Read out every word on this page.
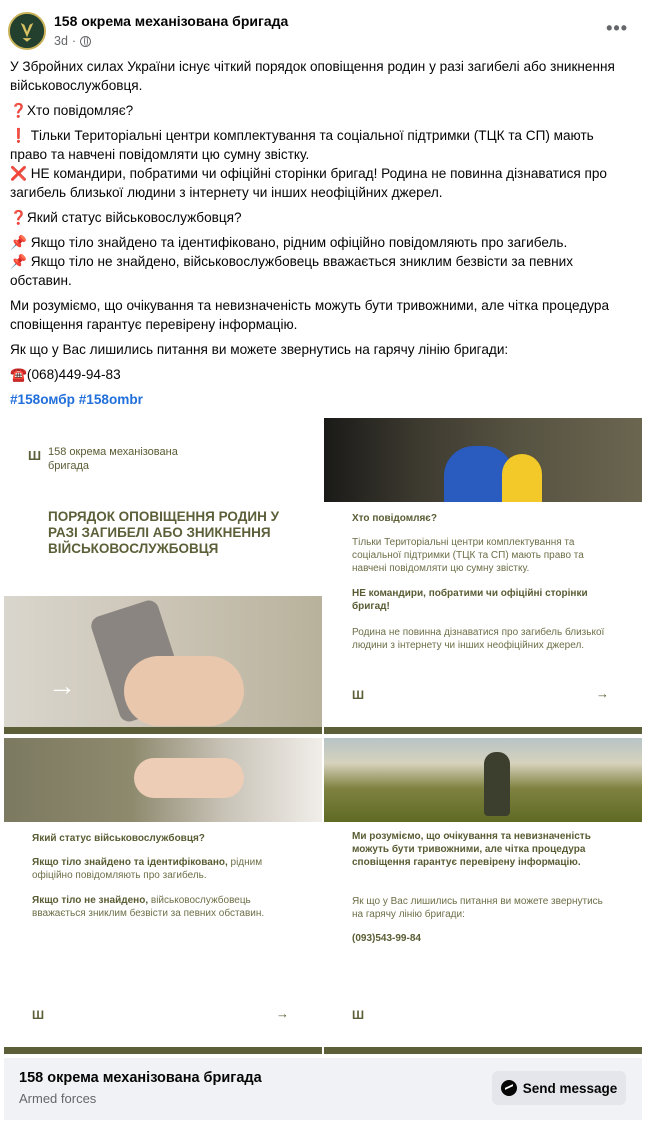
158 окрема механізована бригада
3d ·
•••

У Збройних силах України існує чіткий порядок оповіщення родин у разі загибелі або зникнення військовослужбовця.

❓Хто повідомляє?

❗ Тільки Територіальні центри комплектування та соціальної підтримки (ТЦК та СП) мають право та навчені повідомляти цю сумну звістку.

❌ НЕ командири, побратими чи офіційні сторінки бригад! Родина не повинна дізнаватися про загибель близької людини з інтернету чи інших неофіційних джерел.

❓Який статус військовослужбовця?

📌 Якщо тіло знайдено та ідентифіковано, рідним офіційно повідомляють про загибель.

📌 Якщо тіло не знайдено, військовослужбовець вважається зниклим безвісти за певних обставин.

Ми розуміємо, що очікування та невизначеність можуть бути тривожними, але чітка процедура сповіщення гарантує перевірену інформацію.

Як що у Вас лишились питання ви можете звернутись на гарячу лінію бригади:

☎️(068)449-94-83

#158омбр #158ombr

Ш 158 окрема механізована бригада
ПОРЯДОК ОПОВІЩЕННЯ РОДИН У РАЗІ ЗАГИБЕЛІ АБО ЗНИКНЕННЯ ВІЙСЬКОВОСЛУЖБОВЦЯ
→
Хто повідомляє?
Тільки Територіальні центри комплектування та соціальної підтримки (ТЦК та СП) мають право та навчені повідомляти цю сумну звістку.
НЕ командири, побратими чи офіційні сторінки бригад!
Родина не повинна дізнаватися про загибель близької людини з інтернету чи інших неофіційних джерел.
Ш	→
Який статус військовослужбовця?
Якщо тіло знайдено та ідентифіковано, рідним офіційно повідомляють про загибель.
Якщо тіло не знайдено, військовослужбовець вважається зниклим безвісти за певних обставин.
Ш	→
Ми розуміємо, що очікування та невизначеність можуть бути тривожними, але чітка процедура сповіщення гарантує перевірену інформацію.
Як що у Вас лишились питання ви можете звернутись на гарячу лінію бригади:
(093)543-99-84
Ш
158 окрема механізована бригада
Armed forces
Send message
